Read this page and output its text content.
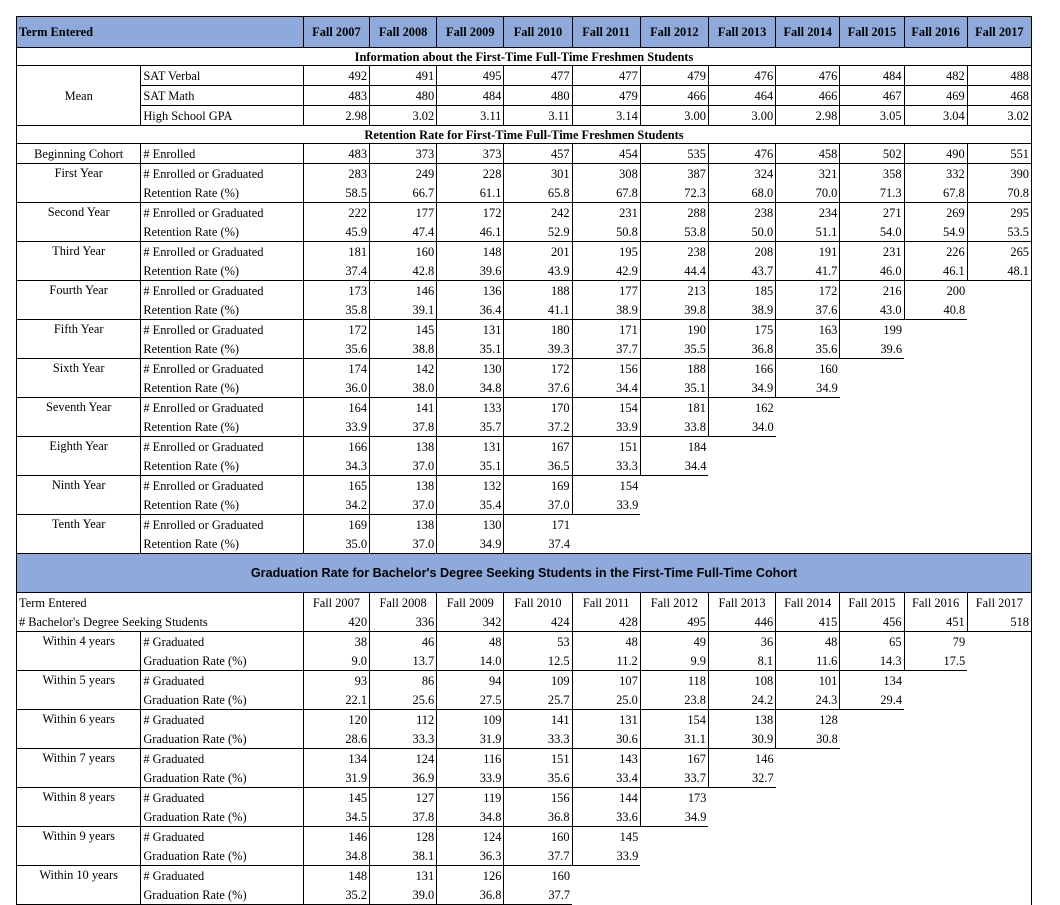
Term Entered		Fall 2007	Fall 2008	Fall 2009	Fall 2010	Fall 2011	Fall 2012	Fall 2013	Fall 2014	Fall 2015	Fall 2016	Fall 2017
Information about the First-Time Full-Time Freshmen Students												
Mean	SAT Verbal	492	491	495	477	477	479	476	476	484	482	488
	SAT Math	483	480	484	480	479	466	464	466	467	469	468
	High School GPA	2.98	3.02	3.11	3.11	3.14	3.00	3.00	2.98	3.05	3.04	3.02
Retention Rate for First-Time Full-Time Freshmen Students												
Beginning Cohort	# Enrolled	483	373	373	457	454	535	476	458	502	490	551
First Year	# Enrolled or Graduated	283	249	228	301	308	387	324	321	358	332	390
	Retention Rate (%)	58.5	66.7	61.1	65.8	67.8	72.3	68.0	70.0	71.3	67.8	70.8
Second Year	# Enrolled or Graduated	222	177	172	242	231	288	238	234	271	269	295
	Retention Rate (%)	45.9	47.4	46.1	52.9	50.8	53.8	50.0	51.1	54.0	54.9	53.5
Third Year	# Enrolled or Graduated	181	160	148	201	195	238	208	191	231	226	265
	Retention Rate (%)	37.4	42.8	39.6	43.9	42.9	44.4	43.7	41.7	46.0	46.1	48.1
Fourth Year	# Enrolled or Graduated	173	146	136	188	177	213	185	172	216	200	
	Retention Rate (%)	35.8	39.1	36.4	41.1	38.9	39.8	38.9	37.6	43.0	40.8	
Fifth Year	# Enrolled or Graduated	172	145	131	180	171	190	175	163	199		
	Retention Rate (%)	35.6	38.8	35.1	39.3	37.7	35.5	36.8	35.6	39.6		
Sixth Year	# Enrolled or Graduated	174	142	130	172	156	188	166	160			
	Retention Rate (%)	36.0	38.0	34.8	37.6	34.4	35.1	34.9	34.9			
Seventh Year	# Enrolled or Graduated	164	141	133	170	154	181	162				
	Retention Rate (%)	33.9	37.8	35.7	37.2	33.9	33.8	34.0				
Eighth Year	# Enrolled or Graduated	166	138	131	167	151	184					
	Retention Rate (%)	34.3	37.0	35.1	36.5	33.3	34.4					
Ninth Year	# Enrolled or Graduated	165	138	132	169	154						
	Retention Rate (%)	34.2	37.0	35.4	37.0	33.9						
Tenth Year	# Enrolled or Graduated	169	138	130	171							
	Retention Rate (%)	35.0	37.0	34.9	37.4							
Graduation Rate for Bachelor's Degree Seeking Students in the First-Time Full-Time Cohort												
Term Entered		Fall 2007	Fall 2008	Fall 2009	Fall 2010	Fall 2011	Fall 2012	Fall 2013	Fall 2014	Fall 2015	Fall 2016	Fall 2017
# Bachelor's Degree Seeking Students		420	336	342	424	428	495	446	415	456	451	518
Within 4 years	# Graduated	38	46	48	53	48	49	36	48	65	79	
	Graduation Rate (%)	9.0	13.7	14.0	12.5	11.2	9.9	8.1	11.6	14.3	17.5	
Within 5 years	# Graduated	93	86	94	109	107	118	108	101	134		
	Graduation Rate (%)	22.1	25.6	27.5	25.7	25.0	23.8	24.2	24.3	29.4		
Within 6 years	# Graduated	120	112	109	141	131	154	138	128			
	Graduation Rate (%)	28.6	33.3	31.9	33.3	30.6	31.1	30.9	30.8			
Within 7 years	# Graduated	134	124	116	151	143	167	146				
	Graduation Rate (%)	31.9	36.9	33.9	35.6	33.4	33.7	32.7				
Within 8 years	# Graduated	145	127	119	156	144	173					
	Graduation Rate (%)	34.5	37.8	34.8	36.8	33.6	34.9					
Within 9 years	# Graduated	146	128	124	160	145						
	Graduation Rate (%)	34.8	38.1	36.3	37.7	33.9						
Within 10 years	# Graduated	148	131	126	160							
	Graduation Rate (%)	35.2	39.0	36.8	37.7							
